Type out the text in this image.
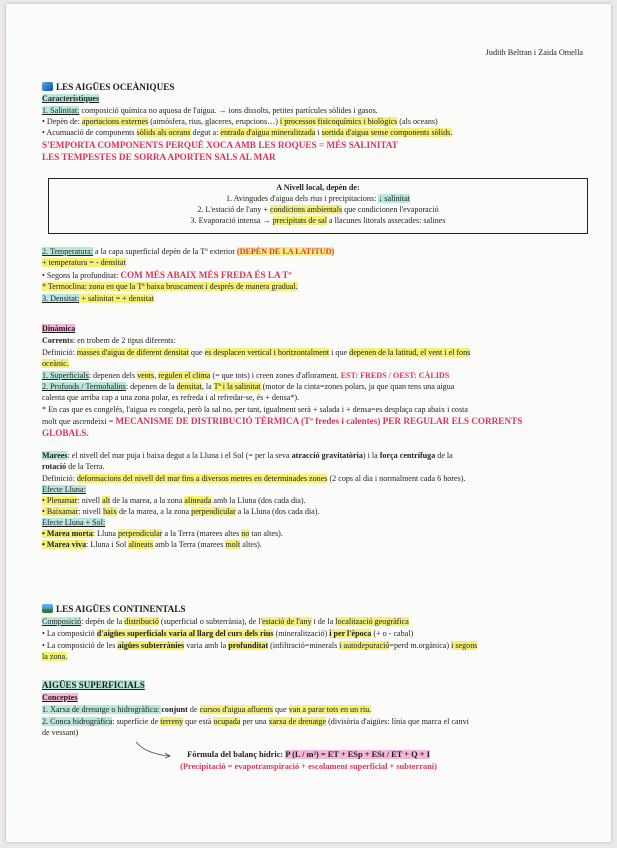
Judith Beltran i Zaida Omella
LES AIGÜES OCEÀNIQUES
Característiques
1. Salinitat: composició química no aquosa de l'aigua. → ions dissolts, petites partícules sòlides i gasos.
• Depèn de: aportacions externes (atmósfera, rius, glaceres, erupcions…) i processos fisicoquímics i biològics (als oceans)
• Acumuació de components sòlids als oceans degut a: entrada d'aigua mineralitzada i sortida d'aigua sense components sòlids.
S'EMPORTA COMPONENTS PERQUÈ XOCA AMB LES ROQUES = MÉS SALINITAT
LES TEMPESTES DE SORRA APORTEN SALS AL MAR
A Nivell local, depèn de:
1. Avingudes d'aigua dels rius i precipitacions: ↓ salinitat
2. L'estació de l'any + condicions ambientals que condicionen l'evaporació
3. Evaporació intensa → precipitats de sal a llacunes litorals assecades: salines
2. Temperatura: a la capa superficial depèn de la Tº exterior (DEPÈN DE LA LATITUD)
+ temperatura = - densitat
• Segons la profunditat: COM MÉS ABAIX MÉS FREDA ÉS LA Tª
* Termoclina: zona en que la Tª baixa bruscament i després de manera gradual.
3. Densitat: + salinitat = + densitat
Dinàmica
Corrents: en trobem de 2 tipus diferents:
Definició: masses d'aigua de diferent densitat que es desplacen vertical i horitzontalment i que depenen de la latitud, el vent i el fons
oceànic.
1. Superficials: depenen dels vents, regulen el clima (= que tots) i creen zones d'aflorament. EST: FREDS / OEST: CÀLIDS
2. Profunds / Termohalins: depenen de la densitat, la Tª i la salinitat (motor de la cinta=zones polars, ja que quan tens una aigua
calenta que arriba cap a una zona polar, es refreda i al refredar-se, és + densa*).
* En cas que es congelés, l'aigua es congela, però la sal no, per tant, igualment serà + salada i + densa=es desplaça cap abaix i costa
molt que ascendeixi = MECANISME DE DISTRIBUCIÓ TÈRMICA (Tª fredes i calentes) PER REGULAR ELS CORRENTS
GLOBALS.
Marees: el nivell del mar puja i baixa degut a la Lluna i el Sol (= per la seva atracció gravitatòria) i la força centrífuga de la
rotació de la Terra.
Definició: deformacions del nivell del mar fins a diversos metres en determinades zones (2 cops al dia i normalment cada 6 hores).
Efecte Lluna:
• Plenamar: nivell alt de la marea, a la zona alineada amb la Lluna (dos cada dia).
• Baixamar: nivell baix de la marea, a la zona perpendicular a la Lluna (dos cada dia).
Efecte Lluna + Sol:
• Marea morta: Lluna perpendicular a la Terra (marees altes no tan altes).
• Marea viva: Lluna i Sol alineats amb la Terra (marees molt altes).
LES AIGÜES CONTINENTALS
Composició: depèn de la distribució (superficial o subterrània), de l'estació de l'any i de la localització geogràfica
• La composició d'aigües superficials varia al llarg del curs dels rius (mineralització) i per l'època (+ o - cabal)
• La composició de les aigües subterrànies varia amb la profunditat (infiltració=minerals i autodepuració=perd m.orgànica) i segons
la zona.
AIGÜES SUPERFICIALS
Conceptes
1. Xarxa de drenatge o hidrogràfica: conjunt de cursos d'aigua afluents que van a parar tots en un riu.
2. Conca hidrogràfica: superfície de terreny que està ocupada per una xarxa de drenatge (divisòria d'aigües: línia que marca el canvi
de vessant)
Fórmula del balanç hídric: P (L / m²) = ET + ESp + ESt / ET + Q + I
(Precipitació = evapotranspiració + escolament superficial + subterrani)
